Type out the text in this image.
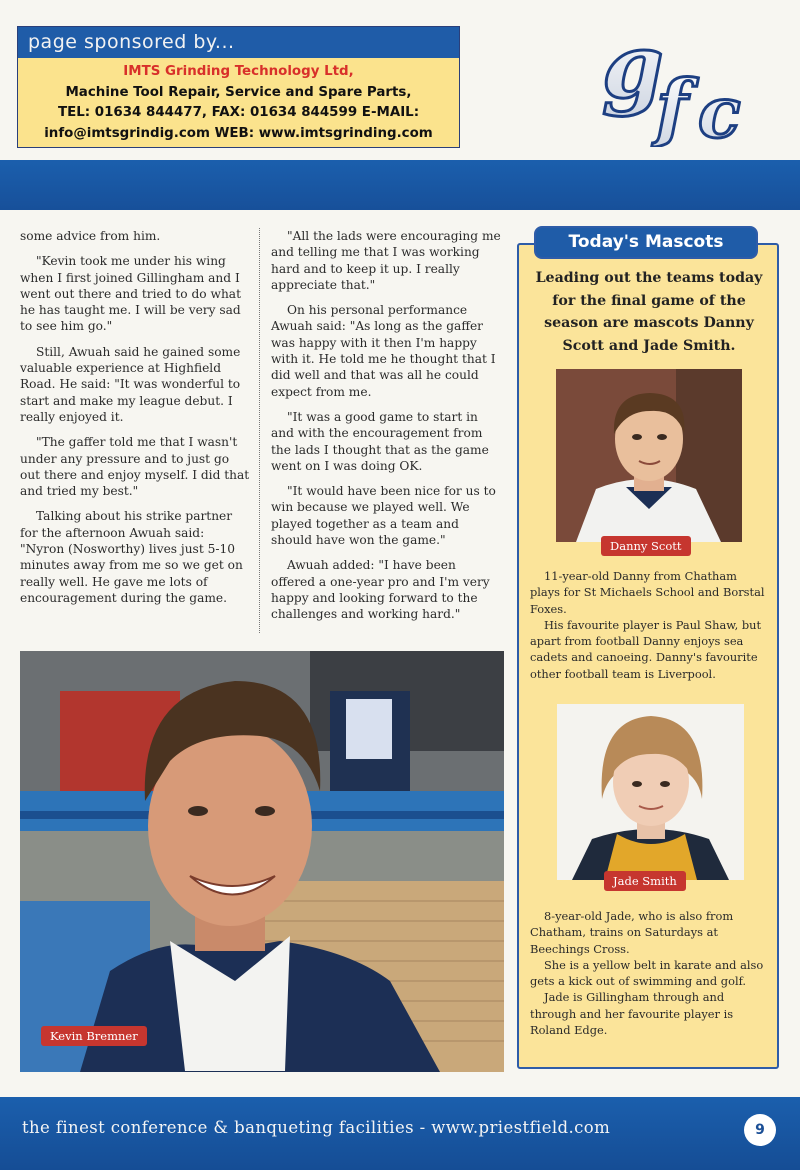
page sponsored by...
IMTS Grinding Technology Ltd,
Machine Tool Repair, Service and Spare Parts,
TEL: 01634 844477, FAX: 01634 844599 E-MAIL:
info@imtsgrindig.com WEB: www.imtsgrinding.com
g
f c

some advice from him.

"Kevin took me under his wing when I first joined Gillingham and I went out there and tried to do what he has taught me. I will be very sad to see him go."

Still, Awuah said he gained some valuable experience at Highfield Road. He said: "It was wonderful to start and make my league debut. I really enjoyed it.

"The gaffer told me that I wasn't under any pressure and to just go out there and enjoy myself. I did that and tried my best."

Talking about his strike partner for the afternoon Awuah said: "Nyron (Nosworthy) lives just 5-10 minutes away from me so we get on really well. He gave me lots of encouragement during the game.

"All the lads were encouraging me and telling me that I was working hard and to keep it up. I really appreciate that."

On his personal performance Awuah said: "As long as the gaffer was happy with it then I'm happy with it. He told me he thought that I did well and that was all he could expect from me.

"It was a good game to start in and with the encouragement from the lads I thought that as the game went on I was doing OK.

"It would have been nice for us to win because we played well. We played together as a team and should have won the game."

Awuah added: "I have been offered a one-year pro and I'm very happy and looking forward to the challenges and working hard."

Kevin Bremner
Today's Mascots
Leading out the teams today for the final game of the season are mascots Danny Scott and Jade Smith.
Danny Scott

11-year-old Danny from Chatham plays for St Michaels School and Borstal Foxes.

His favourite player is Paul Shaw, but apart from football Danny enjoys sea cadets and canoeing. Danny's favourite other football team is Liverpool.

Jade Smith

8-year-old Jade, who is also from Chatham, trains on Saturdays at Beechings Cross.

She is a yellow belt in karate and also gets a kick out of swimming and golf.

Jade is Gillingham through and through and her favourite player is Roland Edge.

the finest conference & banqueting facilities - www.priestfield.com	9
